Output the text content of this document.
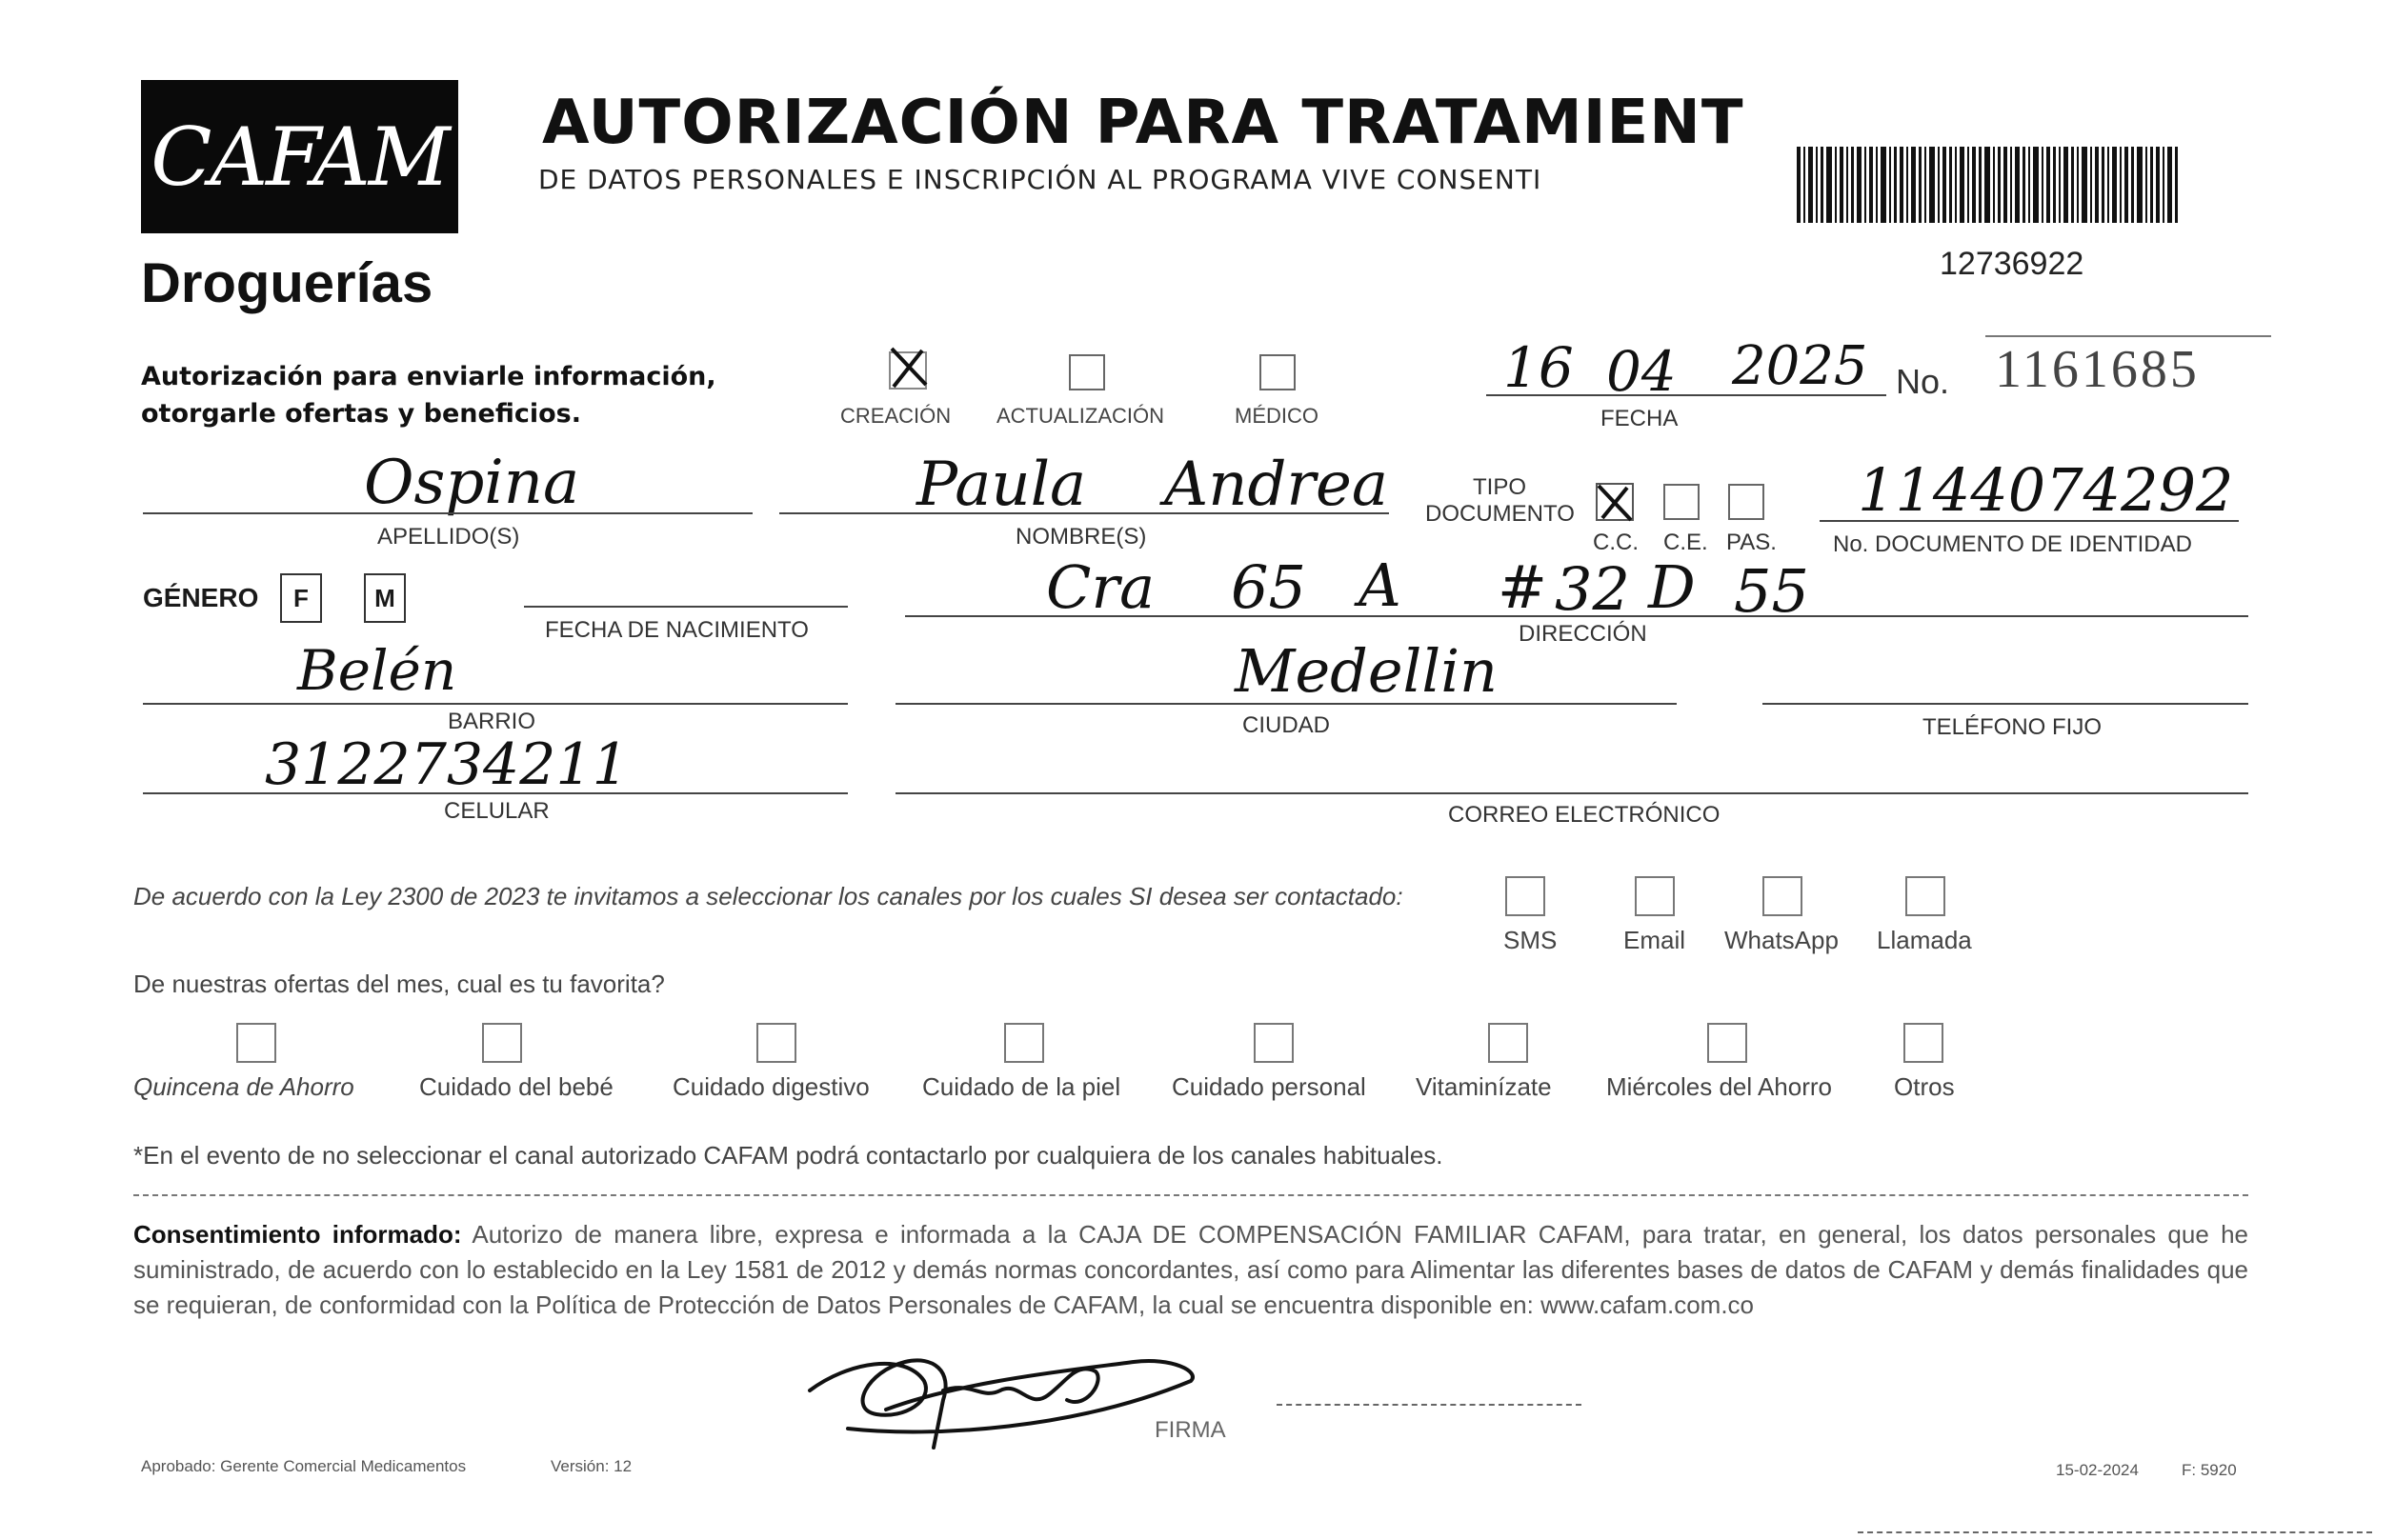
CAFAM
Droguerías
AUTORIZACIÓN PARA TRATAMIENT
DE DATOS PERSONALES E INSCRIPCIÓN AL PROGRAMA VIVE CONSENTI
12736922
Autorización para enviarle información,
otorgarle ofertas y beneficios.	CREACIÓN ACTUALIZACIÓN	MÉDICO
16 04 2025
FECHA
No. 1161685
Ospina
APELLIDO(S)
Paula Andrea
NOMBRE(S)
TIPO
DOCUMENTO
C.C. C.E. PAS.
1144074292
No. DOCUMENTO DE IDENTIDAD
GÉNERO F	M
FECHA DE NACIMIENTO
Cra 65 A # 32 D 55
DIRECCIÓN
Belén
BARRIO
Medellin
CIUDAD	TELÉFONO FIJO
3122734211
CELULAR	CORREO ELECTRÓNICO
De acuerdo con la Ley 2300 de 2023 te invitamos a seleccionar los canales por los cuales SI desea ser contactado:
SMS	Email WhatsApp Llamada
De nuestras ofertas del mes, cual es tu favorita?
Quincena de Ahorro	Cuidado del bebé Cuidado digestivo Cuidado de la piel Cuidado personal Vitaminízate Miércoles del Ahorro	Otros
*En el evento de no seleccionar el canal autorizado CAFAM podrá contactarlo por cualquiera de los canales habituales.
Consentimiento informado: Autorizo de manera libre, expresa e informada a la CAJA DE COMPENSACIÓN FAMILIAR CAFAM, para tratar, en general, los datos personales que he suministrado, de acuerdo con lo establecido en la Ley 1581 de 2012 y demás normas concordantes, así como para Alimentar las diferentes bases de datos de CAFAM y demás finalidades que se requieran, de conformidad con la Política de Protección de Datos Personales de CAFAM, la cual se encuentra disponible en: www.cafam.com.co
FIRMA
Aprobado: Gerente Comercial Medicamentos	Versión: 12	15-02-2024	F: 5920
